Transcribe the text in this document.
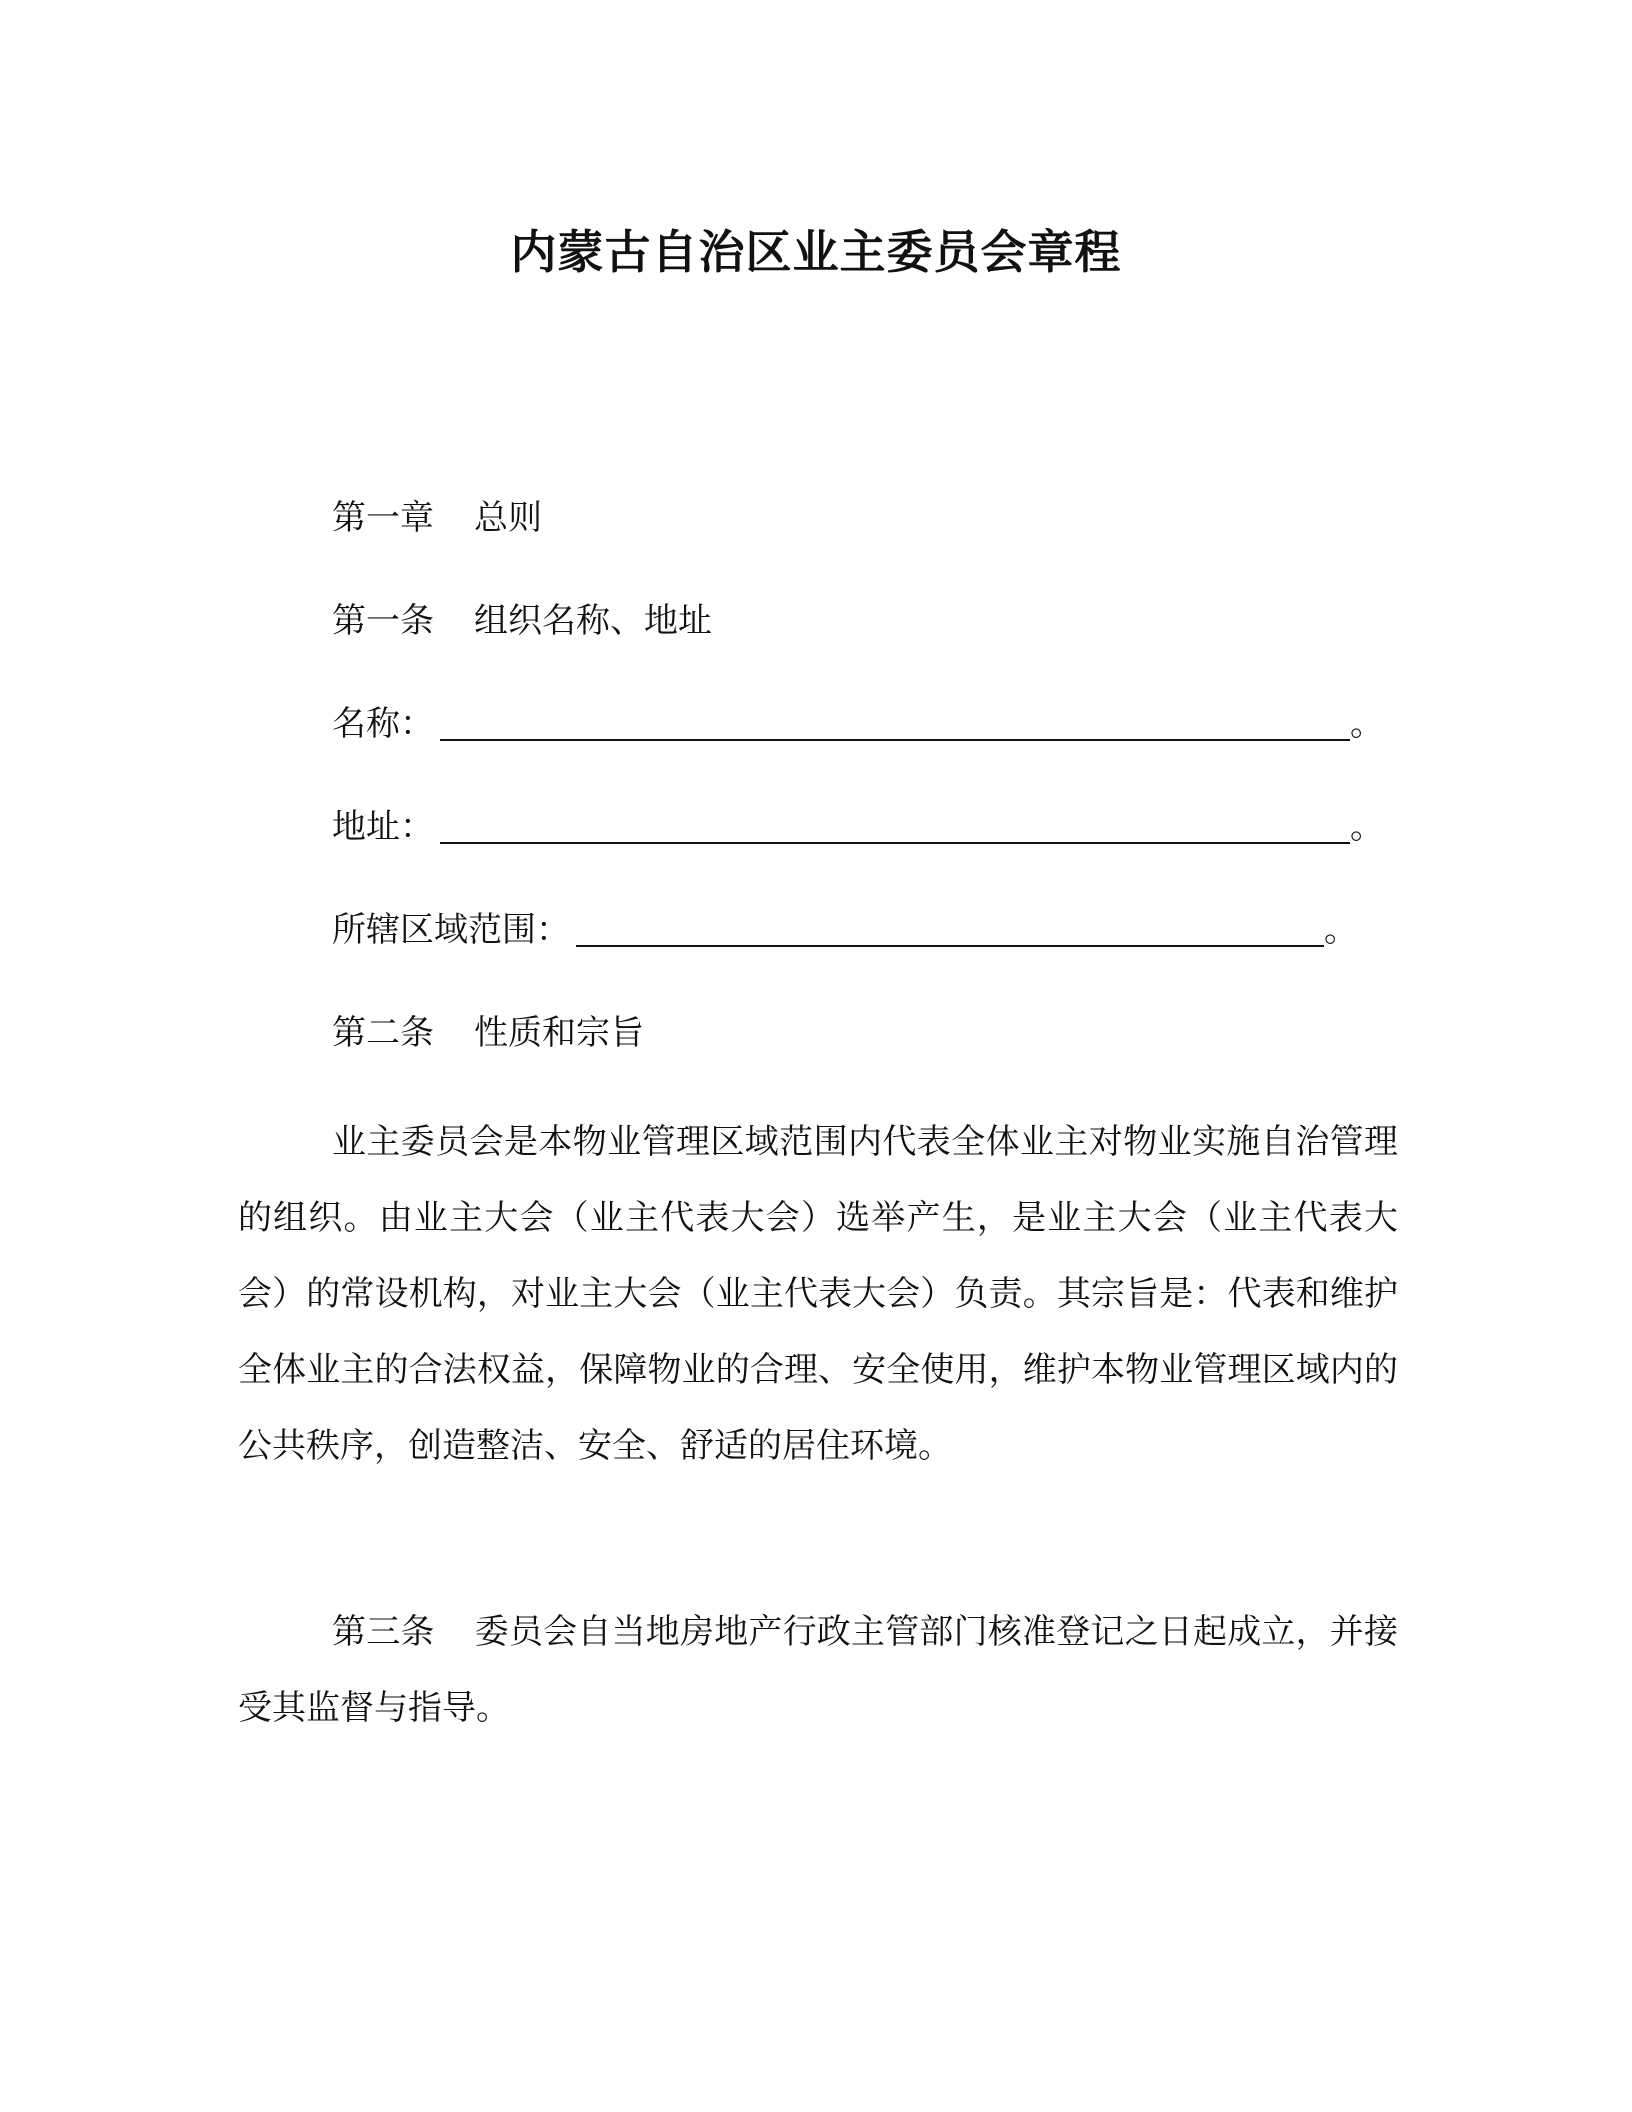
内蒙古自治区业主委员会章程
第一章 总则
第一条 组织名称、地址
名称：	。
地址：	。
所辖区域范围：	。
第二条 性质和宗旨
业主委员会是本物业管理区域范围内代表全体业主对物业实施自治管理的组织。由业主大会（业主代表大会）选举产生，是业主大会（业主代表大会）的常设机构，对业主大会（业主代表大会）负责。其宗旨是：代表和维护全体业主的合法权益，保障物业的合理、安全使用，维护本物业管理区域内的公共秩序，创造整洁、安全、舒适的居住环境。
第三条 委员会自当地房地产行政主管部门核准登记之日起成立，并接受其监督与指导。
